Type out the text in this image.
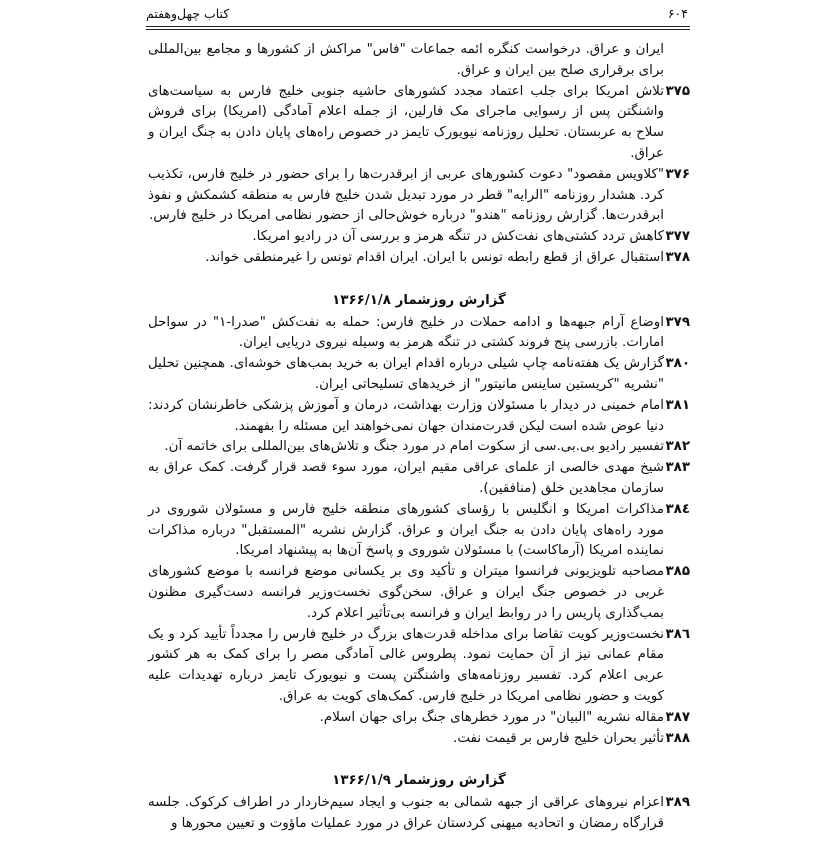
۶۰۴
کتاب چهل‌وهفتم
ایران و عراق. درخواست کنگره ائمه جماعات "فاس" مراکش از کشورها و مجامع بین‌المللی برای برقراری صلح بین ایران و عراق.
۳۷۵
تلاش امریکا برای جلب اعتماد مجدد کشورهای حاشیه جنوبی خلیج فارس به سیاست‌های واشنگتن پس از رسوایی ماجرای مک فارلین، از جمله اعلام آمادگی (امریکا) برای فروش سلاح به عربستان. تحلیل روزنامه نیویورک تایمز در خصوص راه‌های پایان دادن به جنگ ایران و عراق.
۳۷۶
"کلاویس مقصود" دعوت کشورهای عربی از ابرقدرت‌ها را برای حضور در خلیج فارس، تکذیب کرد. هشدار روزنامه "الرایه" قطر در مورد تبدیل شدن خلیج فارس به منطقه کشمکش و نفوذ ابرقدرت‌ها. گزارش روزنامه "هندو" درباره خوش‌حالی از حضور نظامی امریکا در خلیج فارس.
۳۷۷
کاهش تردد کشتی‌های نفت‌کش در تنگه هرمز و بررسی آن در رادیو امریکا.
۳۷۸
استقبال عراق از قطع رابطه تونس با ایران. ایران اقدام تونس را غیرمنطقی خواند.
گزارش روزشمار ۱۳۶۶/۱/۸
۳۷۹
اوضاع آرام جبهه‌ها و ادامه حملات در خلیج فارس: حمله به نفت‌کش "صدرا-۱" در سواحل امارات. بازرسی پنج فروند کشتی در تنگه هرمز به وسیله نیروی دریایی ایران.
۳۸۰
گزارش یک هفته‌نامه چاپ شیلی درباره اقدام ایران به خرید بمب‌های خوشه‌ای. همچنین تحلیل "نشریه "کریستین ساینس مانیتور" از خریدهای تسلیحاتی ایران.
۳۸۱
امام خمینی در دیدار با مسئولان وزارت بهداشت، درمان و آموزش پزشکی خاطرنشان کردند: دنیا عوض شده است لیکن قدرت‌مندان جهان نمی‌خواهند این مسئله را بفهمند.
۳۸۲
تفسیر رادیو بی.بی.سی از سکوت امام در مورد جنگ و تلاش‌های بین‌المللی برای خاتمه آن.
۳۸۳
شیخ مهدی خالصی از علمای عراقی مقیم ایران، مورد سوء قصد قرار گرفت. کمک عراق به سازمان مجاهدین خلق (منافقین).
۳۸٤
مذاکرات امریکا و انگلیس با رؤسای کشورهای منطقه خلیج فارس و مسئولان شوروی در مورد راه‌های پایان دادن به جنگ ایران و عراق. گزارش نشریه "المستقبل" درباره مذاکرات نماینده امریکا (آرماکاست) با مسئولان شوروی و پاسخ آن‌ها به پیشنهاد امریکا.
۳۸۵
مصاحبه تلویزیونی فرانسوا میتران و تأکید وی بر یکسانی موضع فرانسه با موضع کشورهای غربی در خصوص جنگ ایران و عراق. سخن‌گوی نخست‌وزیر فرانسه دست‌گیری مظنون بمب‌گذاری پاریس را در روابط ایران و فرانسه بی‌تأثیر اعلام کرد.
۳۸٦
نخست‌وزیر کویت تقاضا برای مداخله قدرت‌های بزرگ در خلیج فارس را مجدداً تأیید کرد و یک مقام عمانی نیز از آن حمایت نمود. پطروس غالی آمادگی مصر را برای کمک به هر کشور عربی اعلام کرد. تفسیر روزنامه‌های واشنگتن پست و نیویورک تایمز درباره تهدیدات علیه کویت و حضور نظامی امریکا در خلیج فارس. کمک‌های کویت به عراق.
۳۸۷
مقاله نشریه "البیان" در مورد خطرهای جنگ برای جهان اسلام.
۳۸۸
تأثیر بحران خلیج فارس بر قیمت نفت.
گزارش روزشمار ۱۳۶۶/۱/۹
۳۸۹
اعزام نیروهای عراقی از جبهه شمالی به جنوب و ایجاد سیم‌خاردار در اطراف کرکوک. جلسه قرارگاه رمضان و اتحادیه میهنی کردستان عراق در مورد عملیات ماؤوت و تعیین محورها و
